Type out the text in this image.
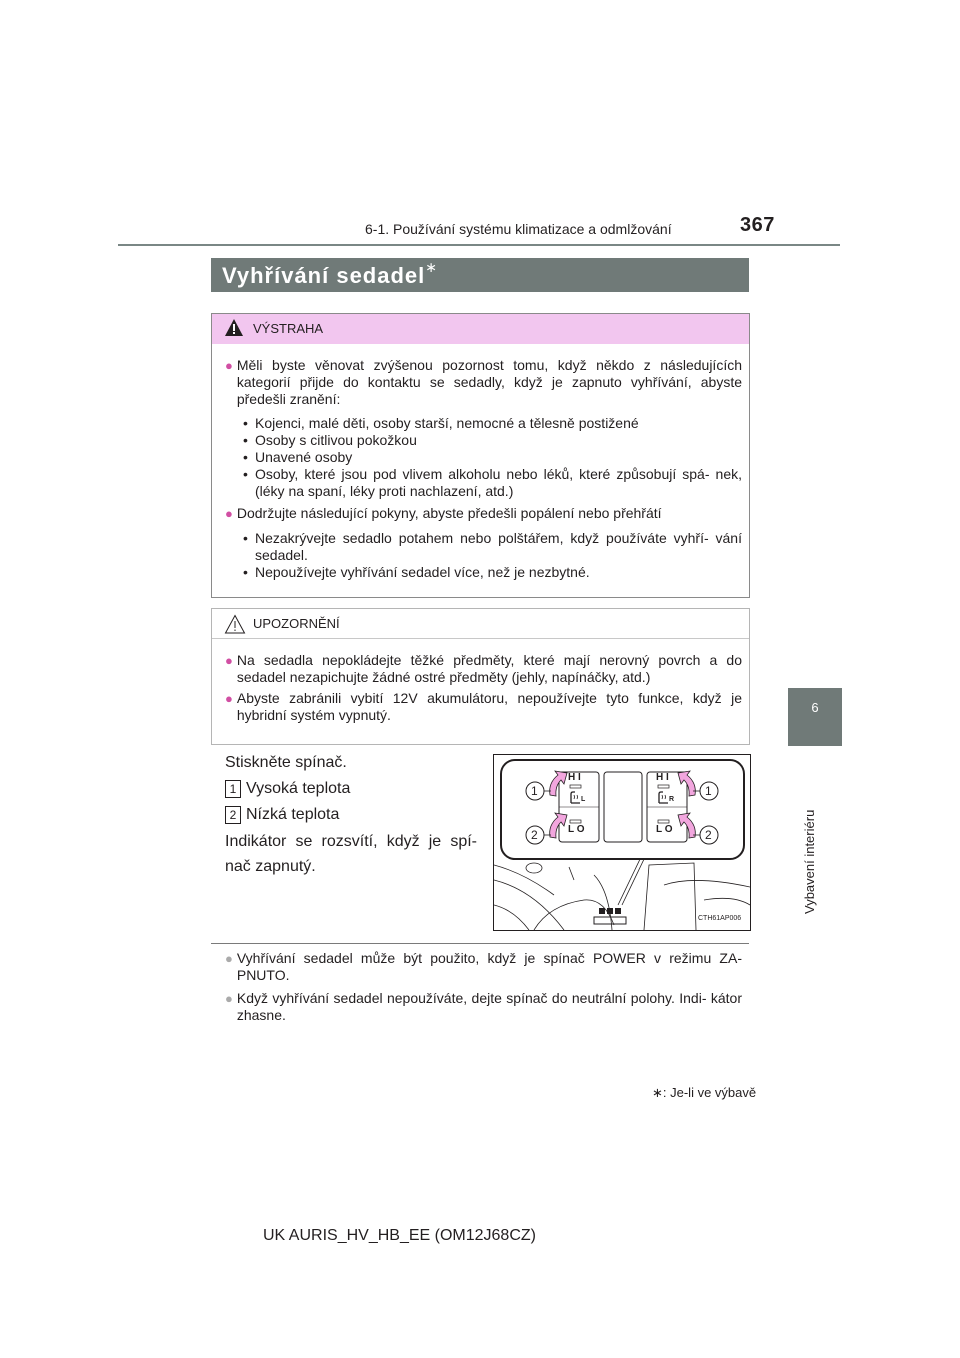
6-1. Používání systému klimatizace a odmlžování	367
6
Vybavení interiéru
Vyhřívání sedadel∗
VÝSTRAHA
● Měli byste věnovat zvýšenou pozornost tomu, když někdo z následujících kategorií přijde do kontaktu se sedadly, když je zapnuto vyhřívání, abyste předešli zranění:
• Kojenci, malé děti, osoby starší, nemocné a tělesně postižené
• Osoby s citlivou pokožkou
• Unavené osoby
• Osoby, které jsou pod vlivem alkoholu nebo léků, které způsobují spá- nek, (léky na spaní, léky proti nachlazení, atd.)
● Dodržujte následující pokyny, abyste předešli popálení nebo přehřátí
• Nezakrývejte sedadlo potahem nebo polštářem, když používáte vyhří- vání sedadel.
• Nepoužívejte vyhřívání sedadel více, než je nezbytné.
UPOZORNĚNÍ
● Na sedadla nepokládejte těžké předměty, které mají nerovný povrch a do sedadel nezapichujte žádné ostré předměty (jehly, napínáčky, atd.)
● Abyste zabránili vybití 12V akumulátoru, nepoužívejte tyto funkce, když je hybridní systém vypnutý.
Stiskněte spínač.
1 Vysoká teplota
2 Nízká teplota
Indikátor se rozsvítí, když je spí- nač zapnutý.
H I
L O
H I
L O
L	R
1
2
1
2
CTH61AP006
● Vyhřívání sedadel může být použito, když je spínač POWER v režimu ZA- PNUTO.
● Když vyhřívání sedadel nepoužíváte, dejte spínač do neutrální polohy. Indi- kátor zhasne.
∗: Je-li ve výbavě
UK AURIS_HV_HB_EE (OM12J68CZ)
